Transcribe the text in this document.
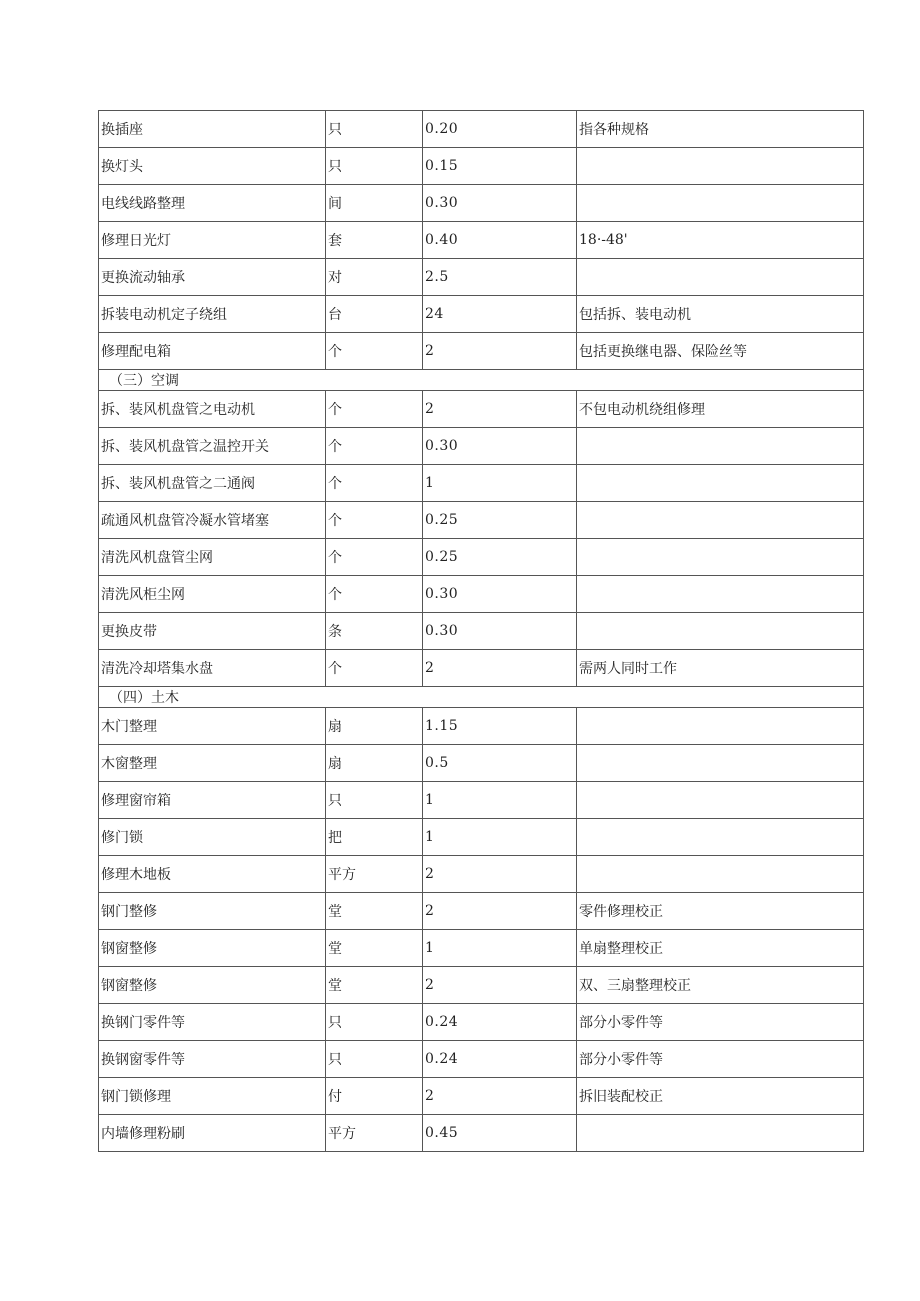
换插座	只	0.20	指各种规格
换灯头	只	0.15	
电线线路整理	间	0.30	
修理日光灯	套	0.40	18·-48'
更换流动轴承	对	2.5	
拆装电动机定子绕组	台	24	包括拆、装电动机
修理配电箱	个	2	包括更换继电器、保险丝等
（三）空调			
拆、装风机盘管之电动机	个	2	不包电动机绕组修理
拆、装风机盘管之温控开关	个	0.30	
拆、装风机盘管之二通阀	个	1	
疏通风机盘管冷凝水管堵塞	个	0.25	
清洗风机盘管尘网	个	0.25	
清洗风柜尘网	个	0.30	
更换皮带	条	0.30	
清洗冷却塔集水盘	个	2	需两人同时工作
（四）土木			
木门整理	扇	1.15	
木窗整理	扇	0.5	
修理窗帘箱	只	1	
修门锁	把	1	
修理木地板	平方	2	
钢门整修	堂	2	零件修理校正
钢窗整修	堂	1	单扇整理校正
钢窗整修	堂	2	双、三扇整理校正
换钢门零件等	只	0.24	部分小零件等
换钢窗零件等	只	0.24	部分小零件等
钢门锁修理	付	2	拆旧装配校正
内墙修理粉刷	平方	0.45	
